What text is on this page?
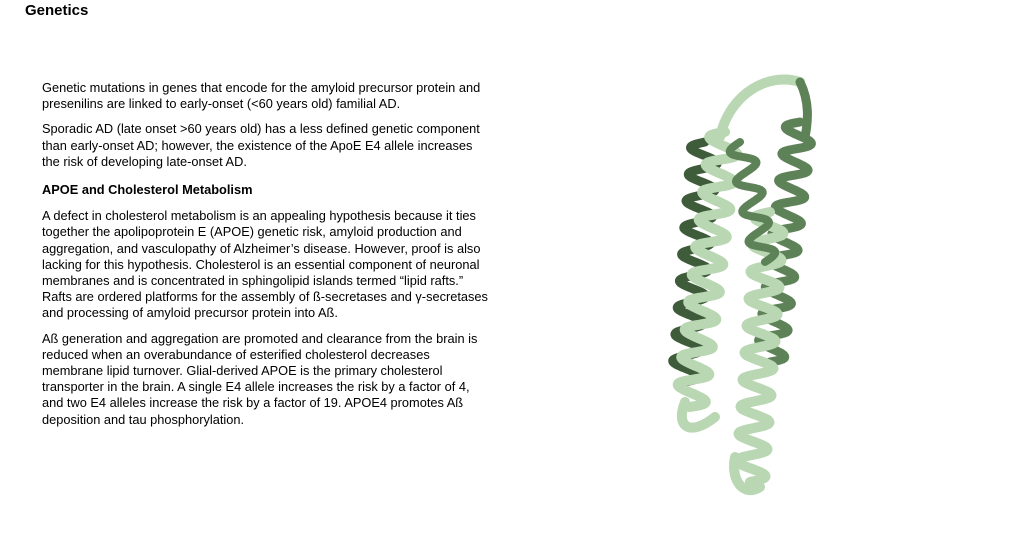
Genetics

Genetic mutations in genes that encode for the amyloid precursor protein and presenilins are linked to early-onset (<60 years old) familial AD.

Sporadic AD (late onset >60 years old) has a less defined genetic component than early-onset AD; however, the existence of the ApoE E4 allele increases the risk of developing late-onset AD.

APOE and Cholesterol Metabolism

A defect in cholesterol metabolism is an appealing hypothesis because it ties together the apolipoprotein E (APOE) genetic risk, amyloid production and aggregation, and vasculopathy of Alzheimer’s disease. However, proof is also lacking for this hypothesis. Cholesterol is an essential component of neuronal membranes and is concentrated in sphingolipid islands termed “lipid rafts.” Rafts are ordered platforms for the assembly of ß-secretases and γ-secretases and processing of amyloid precursor protein into Aß.

Aß generation and aggregation are promoted and clearance from the brain is reduced when an overabundance of esterified cholesterol decreases membrane lipid turnover. Glial-derived APOE is the primary cholesterol transporter in the brain. A single E4 allele increases the risk by a factor of 4, and two E4 alleles increase the risk by a factor of 19. APOE4 promotes Aß deposition and tau phosphorylation.
